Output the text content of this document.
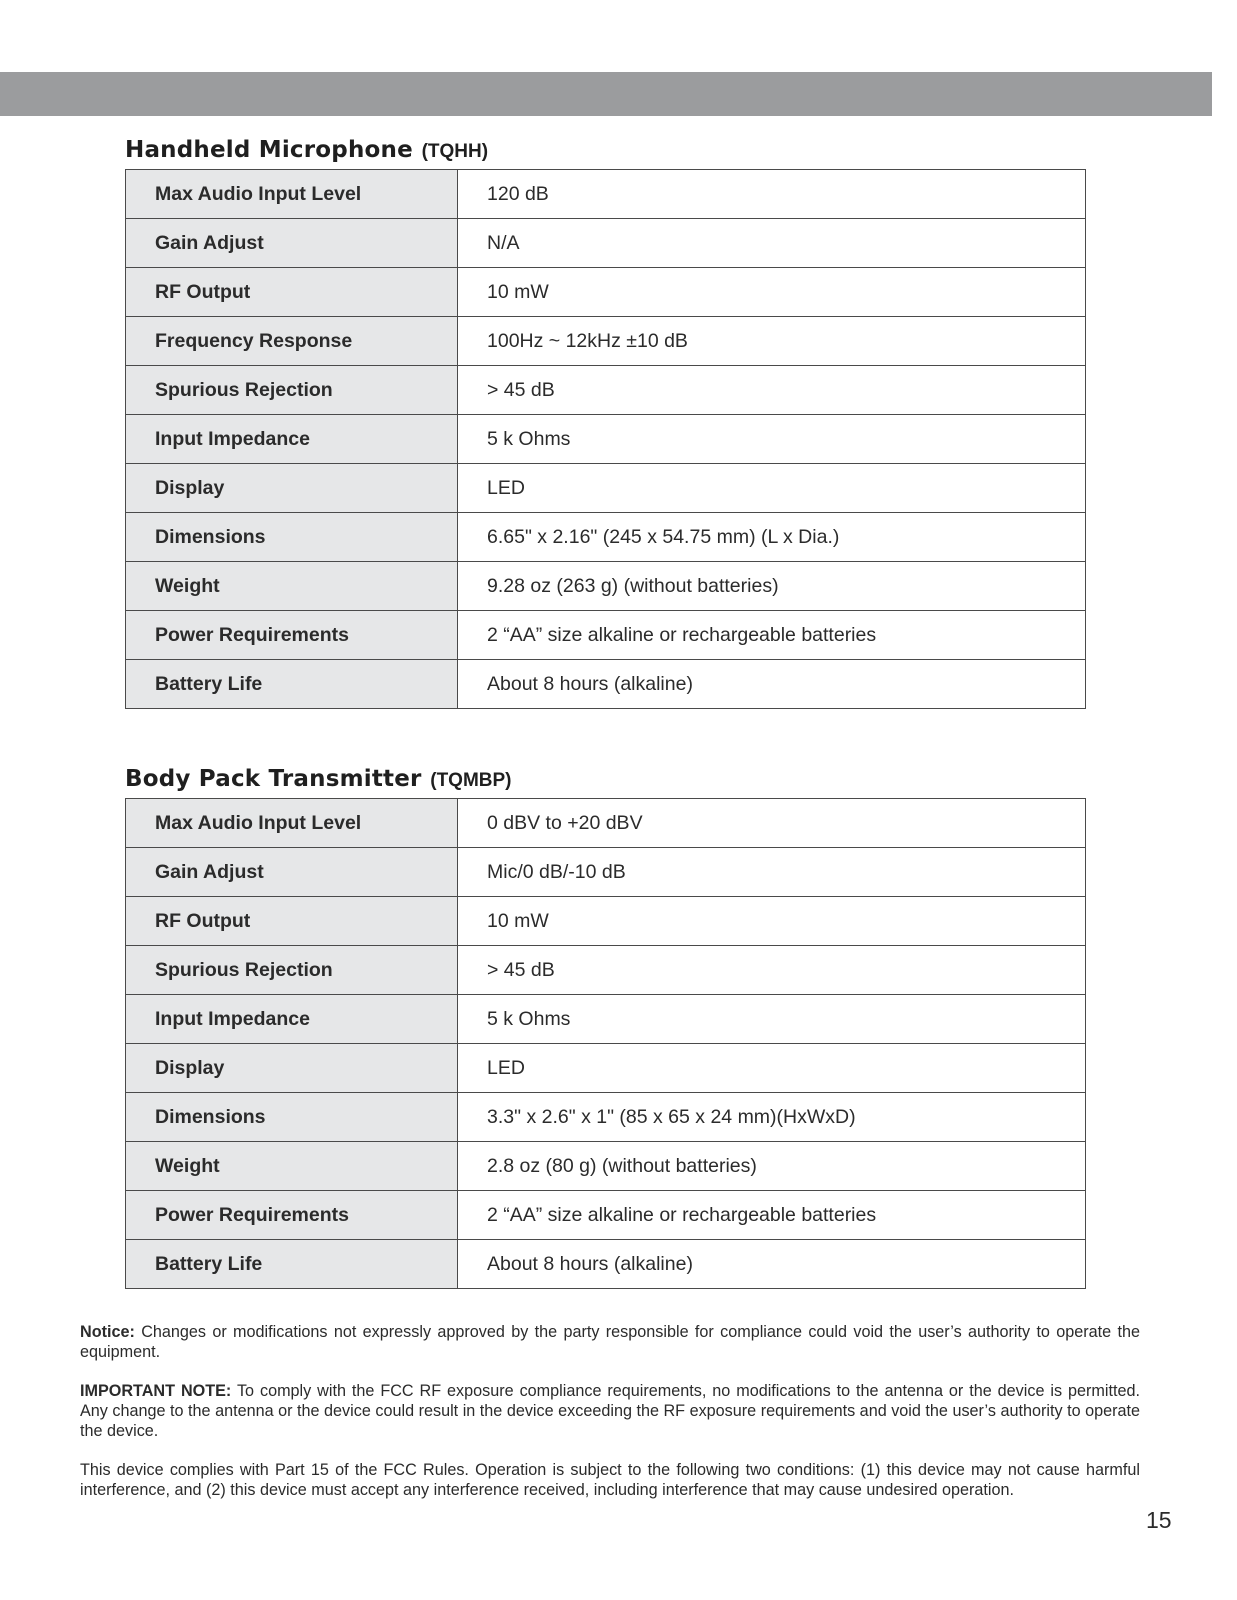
Handheld Microphone (TQHH)
Max Audio Input Level	120 dB
Gain Adjust	N/A
RF Output	10 mW
Frequency Response	100Hz ~ 12kHz ±10 dB
Spurious Rejection	> 45 dB
Input Impedance	5 k Ohms
Display	LED
Dimensions	6.65" x 2.16" (245 x 54.75 mm) (L x Dia.)
Weight	9.28 oz (263 g) (without batteries)
Power Requirements	2 “AA” size alkaline or rechargeable batteries
Battery Life	About 8 hours (alkaline)
Body Pack Transmitter (TQMBP)
Max Audio Input Level	0 dBV to +20 dBV
Gain Adjust	Mic/0 dB/-10 dB
RF Output	10 mW
Spurious Rejection	> 45 dB
Input Impedance	5 k Ohms
Display	LED
Dimensions	3.3" x 2.6" x 1" (85 x 65 x 24 mm)(HxWxD)
Weight	2.8 oz (80 g) (without batteries)
Power Requirements	2 “AA” size alkaline or rechargeable batteries
Battery Life	About 8 hours (alkaline)

Notice: Changes or modifications not expressly approved by the party responsible for compliance could void the user’s authority to operate the equipment.

IMPORTANT NOTE: To comply with the FCC RF exposure compliance requirements, no modifications to the antenna or the device is permitted. Any change to the antenna or the device could result in the device exceeding the RF exposure requirements and void the user’s authority to operate the device.

This device complies with Part 15 of the FCC Rules. Operation is subject to the following two conditions: (1) this device may not cause harmful interference, and (2) this device must accept any interference received, including interference that may cause undesired operation.

15
